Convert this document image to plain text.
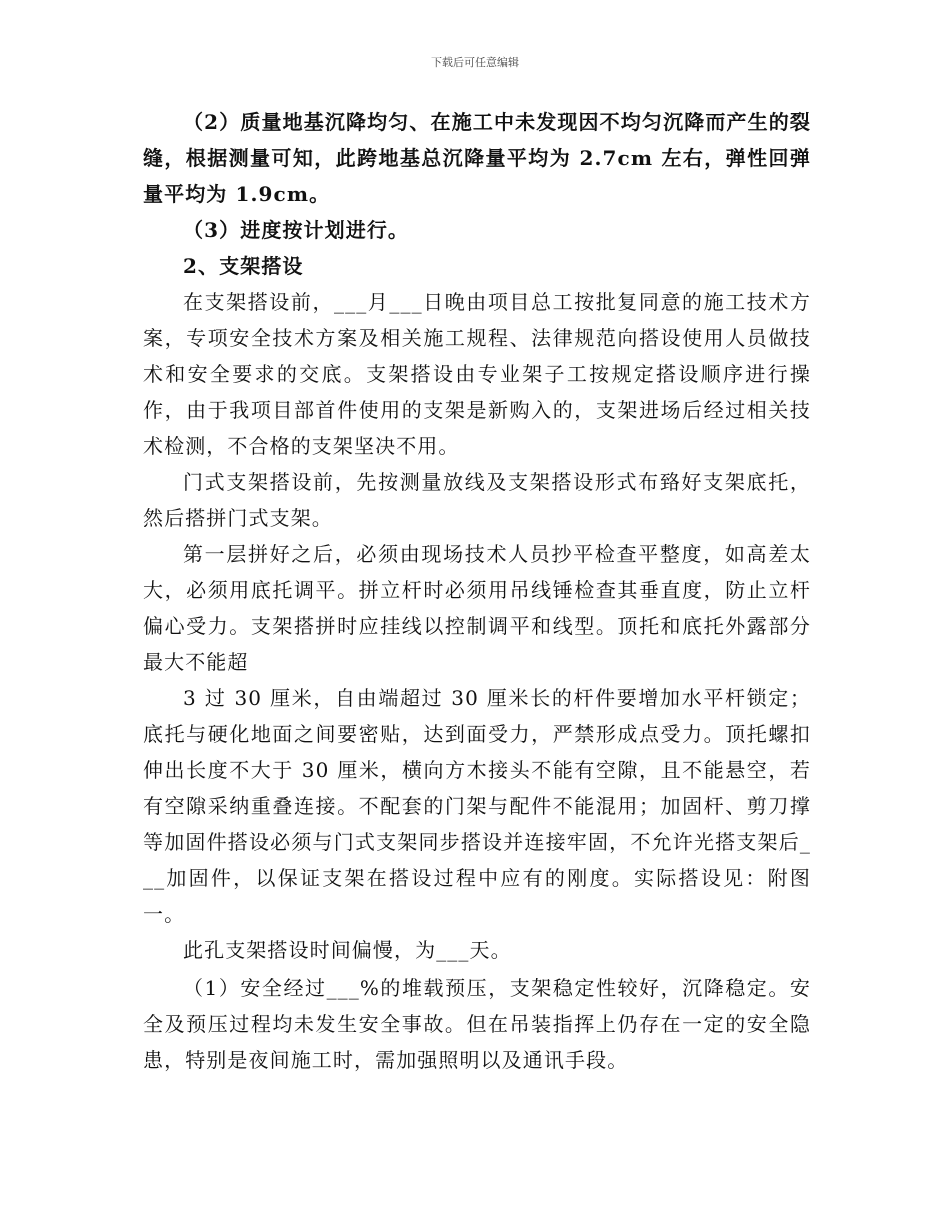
下载后可任意编辑

（2）质量地基沉降均匀、在施工中未发现因不均匀沉降而产生的裂缝，根据测量可知，此跨地基总沉降量平均为 2.7cm 左右，弹性回弹量平均为 1.9cm。

（3）进度按计划进行。

2、支架搭设

在支架搭设前，___月___日晚由项目总工按批复同意的施工技术方案，专项安全技术方案及相关施工规程、法律规范向搭设使用人员做技术和安全要求的交底。支架搭设由专业架子工按规定搭设顺序进行操作，由于我项目部首件使用的支架是新购入的，支架进场后经过相关技术检测，不合格的支架坚决不用。

门式支架搭设前，先按测量放线及支架搭设形式布臵好支架底托，然后搭拼门式支架。

第一层拼好之后，必须由现场技术人员抄平检查平整度，如高差太大，必须用底托调平。拼立杆时必须用吊线锤检查其垂直度，防止立杆偏心受力。支架搭拼时应挂线以控制调平和线型。顶托和底托外露部分最大不能超

3 过 30 厘米，自由端超过 30 厘米长的杆件要增加水平杆锁定；底托与硬化地面之间要密贴，达到面受力，严禁形成点受力。顶托螺扣伸出长度不大于 30 厘米，横向方木接头不能有空隙，且不能悬空，若有空隙采纳重叠连接。不配套的门架与配件不能混用；加固杆、剪刀撑等加固件搭设必须与门式支架同步搭设并连接牢固，不允许光搭支架后___加固件，以保证支架在搭设过程中应有的刚度。实际搭设见：附图一。

此孔支架搭设时间偏慢，为___天。

（1）安全经过___%的堆载预压，支架稳定性较好，沉降稳定。安全及预压过程均未发生安全事故。但在吊装指挥上仍存在一定的安全隐患，特别是夜间施工时，需加强照明以及通讯手段。
